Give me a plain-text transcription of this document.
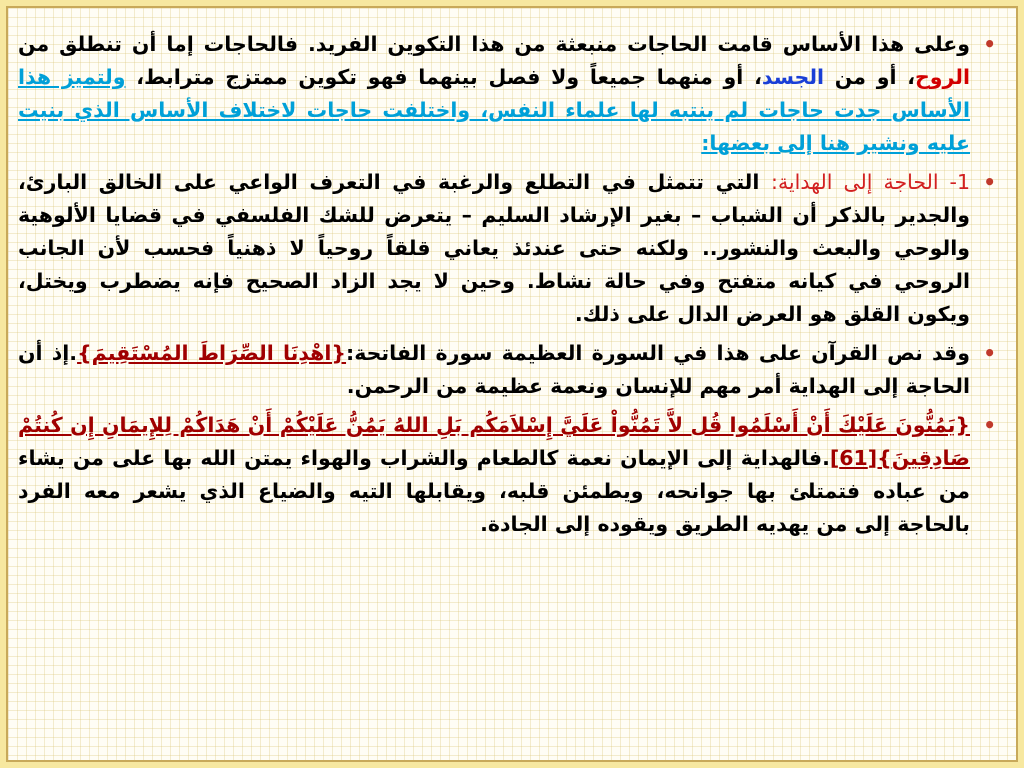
•
وعلى هذا الأساس قامت الحاجات منبعثة من هذا التكوين الفريد. فالحاجات إما أن تنطلق من الروح، أو من الجسد، أو منهما جميعاً ولا فصل بينهما فهو تكوين ممتزج مترابط، ولتميز هذا الأساس جدت حاجات لم ينتبه لها علماء النفس، واختلفت حاجات لاختلاف الأساس الذي بنيت عليه ونشير هنا إلى بعضها:

•
1- الحاجة إلى الهداية: التي تتمثل في التطلع والرغبة في التعرف الواعي على الخالق البارئ، والجدير بالذكر أن الشباب – بغير الإرشاد السليم – يتعرض للشك الفلسفي في قضايا الألوهية والوحي والبعث والنشور.. ولكنه حتى عندئذ يعاني قلقاً روحياً لا ذهنياً فحسب لأن الجانب الروحي في كيانه متفتح وفي حالة نشاط. وحين لا يجد الزاد الصحيح فإنه يضطرب ويختل، ويكون القلق هو العرض الدال على ذلك.

•
وقد نص القرآن على هذا في السورة العظيمة سورة الفاتحة:{اهْدِنَا الصِّرَاطَ المُسْتَقِيمَ}.إذ أن الحاجة إلى الهداية أمر مهم للإنسان ونعمة عظيمة من الرحمن.

•
{يَمُنُّونَ عَلَيْكَ أَنْ أَسْلَمُوا قُل لاَّ تَمُنُّواْ عَلَيَّ إِسْلاَمَكُم بَلِ اللهُ يَمُنُّ عَلَيْكُمْ أَنْ هَدَاكُمْ لِلإِيمَانِ إِن كُنتُمْ صَادِقِينَ}[61].فالهداية إلى الإيمان نعمة كالطعام والشراب والهواء يمتن الله بها على من يشاء من عباده فتمتلئ بها جوانحه، ويطمئن قلبه، ويقابلها التيه والضياع الذي يشعر معه الفرد بالحاجة إلى من يهديه الطريق ويقوده إلى الجادة.
